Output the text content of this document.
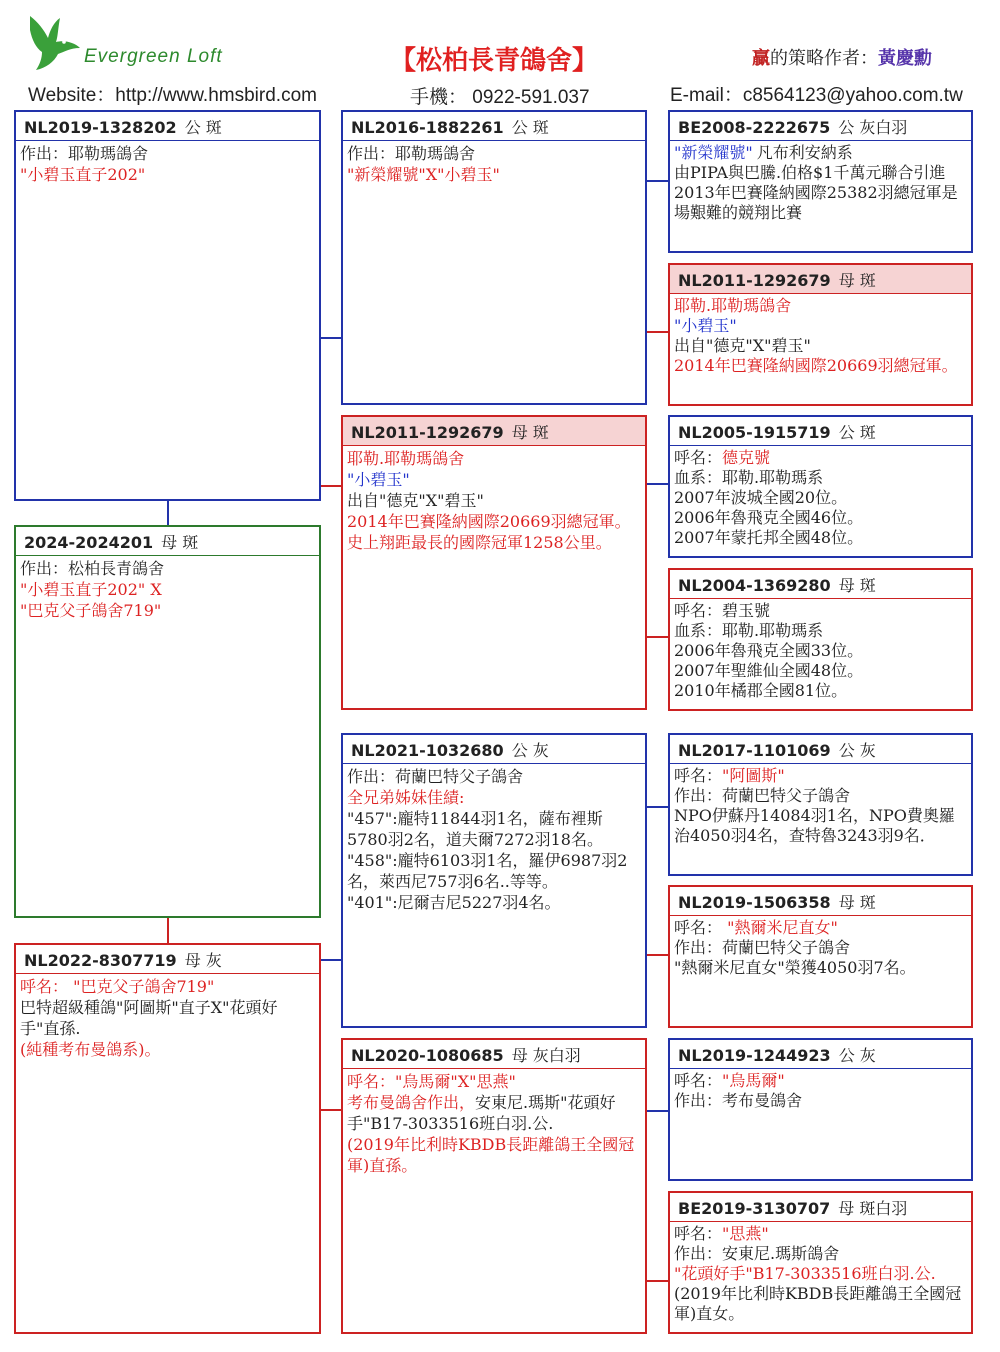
Evergreen Loft	【松柏長青鴿舍】	贏的策略作者：黃慶勳
Website：http://www.hmsbird.com	手機： 0922-591.037	E-mail：c8564123@yahoo.com.tw
NL2019-1328202 公 斑
作出：耶勒瑪鴿舍
"小碧玉直子202"
2024-2024201 母 斑
作出：松柏長青鴿舍
"小碧玉直子202" X
"巴克父子鴿舍719"
NL2022-8307719 母 灰
呼名： "巴克父子鴿舍719"
巴特超級種鴿"阿圖斯"直子X"花頭好手"直孫.
(純種考布曼鴿系)。
NL2016-1882261 公 斑
作出：耶勒瑪鴿舍
"新榮耀號"X"小碧玉"
NL2011-1292679 母 斑
耶勒.耶勒瑪鴿舍
"小碧玉"
出自"德克"X"碧玉"
2014年巴賽隆納國際20669羽總冠軍。
史上翔距最長的國際冠軍1258公里。
NL2021-1032680 公 灰
作出：荷蘭巴特父子鴿舍
全兄弟姊妹佳績:
"457":龐特11844羽1名，薩布裡斯5780羽2名，道夫爾7272羽18名。
"458":龐特6103羽1名，羅伊6987羽2名，萊西尼757羽6名..等等。
"401":尼爾吉尼5227羽4名。
NL2020-1080685 母 灰白羽
呼名："烏馬爾"X"思燕"
考布曼鴿舍作出，安東尼.瑪斯"花頭好手"B17-3033516班白羽.公.
(2019年比利時KBDB長距離鴿王全國冠軍)直孫。
BE2008-2222675 公 灰白羽
"新榮耀號" 凡布利安納系
由PIPA與巴騰.伯格$1千萬元聯合引進
2013年巴賽隆納國際25382羽總冠軍是場艱難的競翔比賽
NL2011-1292679 母 斑
耶勒.耶勒瑪鴿舍
"小碧玉"
出自"德克"X"碧玉"
2014年巴賽隆納國際20669羽總冠軍。
NL2005-1915719 公 斑
呼名：德克號
血系：耶勒.耶勒瑪系
2007年波城全國20位。
2006年魯飛克全國46位。
2007年蒙托邦全國48位。
NL2004-1369280 母 斑
呼名：碧玉號
血系：耶勒.耶勒瑪系
2006年魯飛克全國33位。
2007年聖維仙全國48位。
2010年橘郡全國81位。
NL2017-1101069 公 灰
呼名："阿圖斯"
作出：荷蘭巴特父子鴿舍
NPO伊蘇丹14084羽1名，NPO費奧羅治4050羽4名，查特魯3243羽9名．
NL2019-1506358 母 斑
呼名： "熱爾米尼直女"
作出：荷蘭巴特父子鴿舍
"熱爾米尼直女"榮獲4050羽7名。
NL2019-1244923 公 灰
呼名："烏馬爾"
作出：考布曼鴿舍
BE2019-3130707 母 斑白羽
呼名："思燕"
作出：安東尼.瑪斯鴿舍
"花頭好手"B17-3033516班白羽.公.
(2019年比利時KBDB長距離鴿王全國冠軍)直女。
